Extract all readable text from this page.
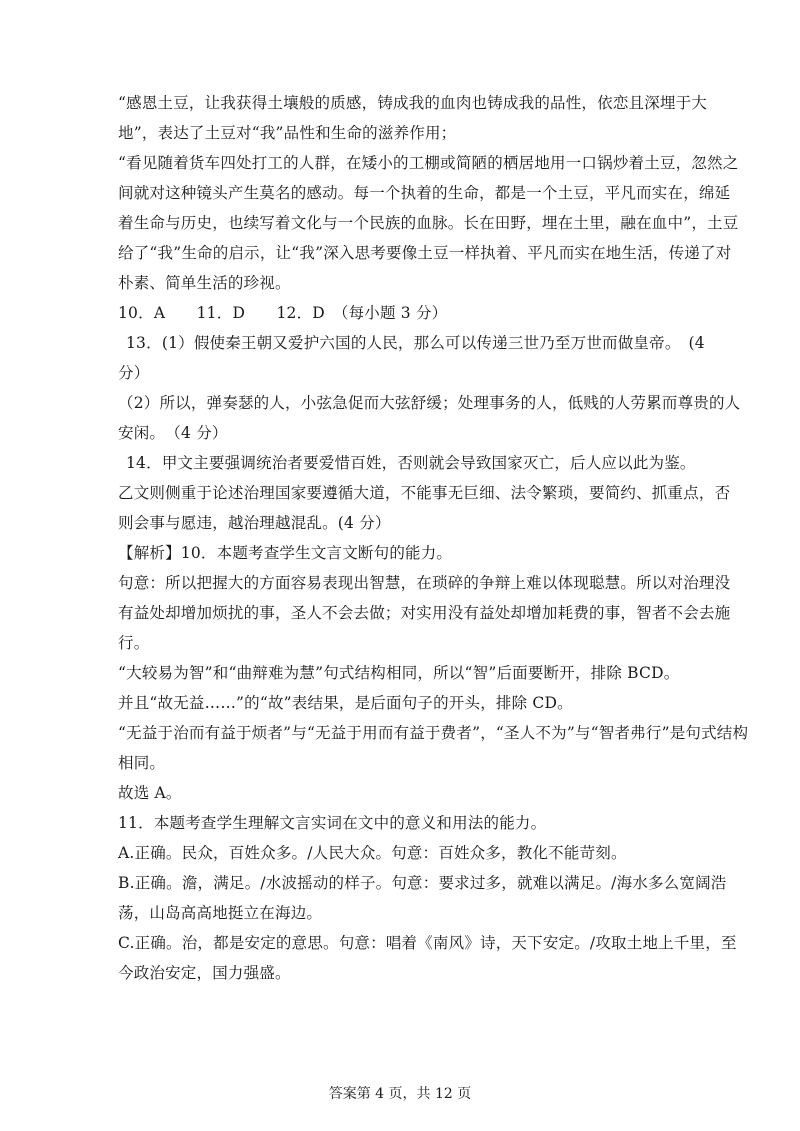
“感恩土豆，让我获得土壤般的质感，铸成我的血肉也铸成我的品性，依恋且深埋于大
地”，表达了土豆对“我”品性和生命的滋养作用；
“看见随着货车四处打工的人群，在矮小的工棚或简陋的栖居地用一口锅炒着土豆，忽然之
间就对这种镜头产生莫名的感动。每一个执着的生命，都是一个土豆，平凡而实在，绵延
着生命与历史，也续写着文化与一个民族的血脉。长在田野，埋在土里，融在血中”，土豆
给了“我”生命的启示，让“我”深入思考要像土豆一样执着、平凡而实在地生活，传递了对
朴素、简单生活的珍视。
10．A　　11．D　　12．D　（每小题 3 分）
13．(1）假使秦王朝又爱护六国的人民，那么可以传递三世乃至万世而做皇帝。　(4
分）
（2）所以，弹奏瑟的人，小弦急促而大弦舒缓；处理事务的人，低贱的人劳累而尊贵的人
安闲。　（4 分）
14．甲文主要强调统治者要爱惜百姓，否则就会导致国家灭亡，后人应以此为鉴。
乙文则侧重于论述治理国家要遵循大道，不能事无巨细、法令繁琐，要简约、抓重点，否
则会事与愿违，越治理越混乱。(4 分）
【解析】10．本题考查学生文言文断句的能力。
句意：所以把握大的方面容易表现出智慧，在琐碎的争辩上难以体现聪慧。所以对治理没
有益处却增加烦扰的事，圣人不会去做；对实用没有益处却增加耗费的事，智者不会去施
行。
“大较易为智”和“曲辩难为慧”句式结构相同，所以“智”后面要断开，排除 BCD。
并且“故无益……”的“故”表结果，是后面句子的开头，排除 CD。
“无益于治而有益于烦者”与“无益于用而有益于费者”，“圣人不为”与“智者弗行”是句式结构
相同。
故选 A。
11．本题考查学生理解文言实词在文中的意义和用法的能力。
A.正确。民众，百姓众多。/人民大众。句意：百姓众多，教化不能苛刻。
B.正确。澹，满足。/水波摇动的样子。句意：要求过多，就难以满足。/海水多么宽阔浩
荡，山岛高高地挺立在海边。
C.正确。治，都是安定的意思。句意：唱着《南风》诗，天下安定。/攻取土地上千里，至
今政治安定，国力强盛。
答案第 4 页，共 12 页
